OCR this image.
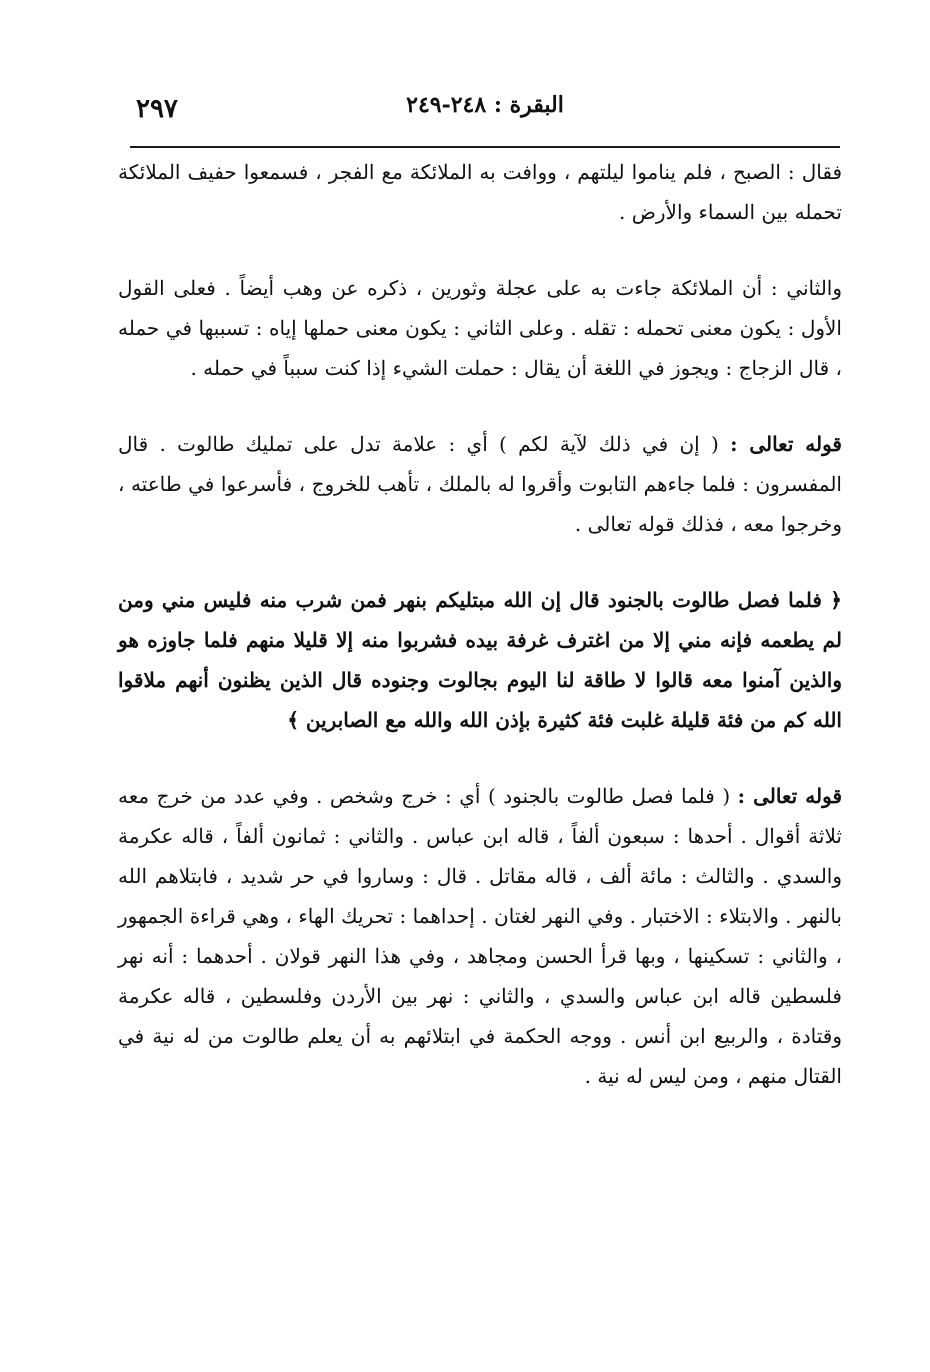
٢٩٧	البقرة : ٢٤٨-٢٤٩

فقال : الصبح ، فلم يناموا ليلتهم ، ووافت به الملائكة مع الفجر ، فسمعوا حفيف الملائكة تحمله بين السماء والأرض .

والثاني : أن الملائكة جاءت به على عجلة وثورين ، ذكره عن وهب أيضاً . فعلى القول الأول : يكون معنى تحمله : تقله . وعلى الثاني : يكون معنى حملها إياه : تسببها في حمله ، قال الزجاج : ويجوز في اللغة أن يقال : حملت الشيء إذا كنت سبباً في حمله .

قوله تعالى : ( إن في ذلك لآية لكم ) أي : علامة تدل على تمليك طالوت . قال المفسرون : فلما جاءهم التابوت وأقروا له بالملك ، تأهب للخروج ، فأسرعوا في طاعته ، وخرجوا معه ، فذلك قوله تعالى .

﴿ فلما فصل طالوت بالجنود قال إن الله مبتليكم بنهر فمن شرب منه فليس مني ومن لم يطعمه فإنه مني إلا من اغترف غرفة بيده فشربوا منه إلا قليلا منهم فلما جاوزه هو والذين آمنوا معه قالوا لا طاقة لنا اليوم بجالوت وجنوده قال الذين يظنون أنهم ملاقوا الله كم من فئة قليلة غلبت فئة كثيرة بإذن الله والله مع الصابرين ﴾

قوله تعالى : ( فلما فصل طالوت بالجنود ) أي : خرج وشخص . وفي عدد من خرج معه ثلاثة أقوال . أحدها : سبعون ألفاً ، قاله ابن عباس . والثاني : ثمانون ألفاً ، قاله عكرمة والسدي . والثالث : مائة ألف ، قاله مقاتل . قال : وساروا في حر شديد ، فابتلاهم الله بالنهر . والابتلاء : الاختبار . وفي النهر لغتان . إحداهما : تحريك الهاء ، وهي قراءة الجمهور ، والثاني : تسكينها ، وبها قرأ الحسن ومجاهد ، وفي هذا النهر قولان . أحدهما : أنه نهر فلسطين قاله ابن عباس والسدي ، والثاني : نهر بين الأردن وفلسطين ، قاله عكرمة وقتادة ، والربيع ابن أنس . ووجه الحكمة في ابتلائهم به أن يعلم طالوت من له نية في القتال منهم ، ومن ليس له نية .
